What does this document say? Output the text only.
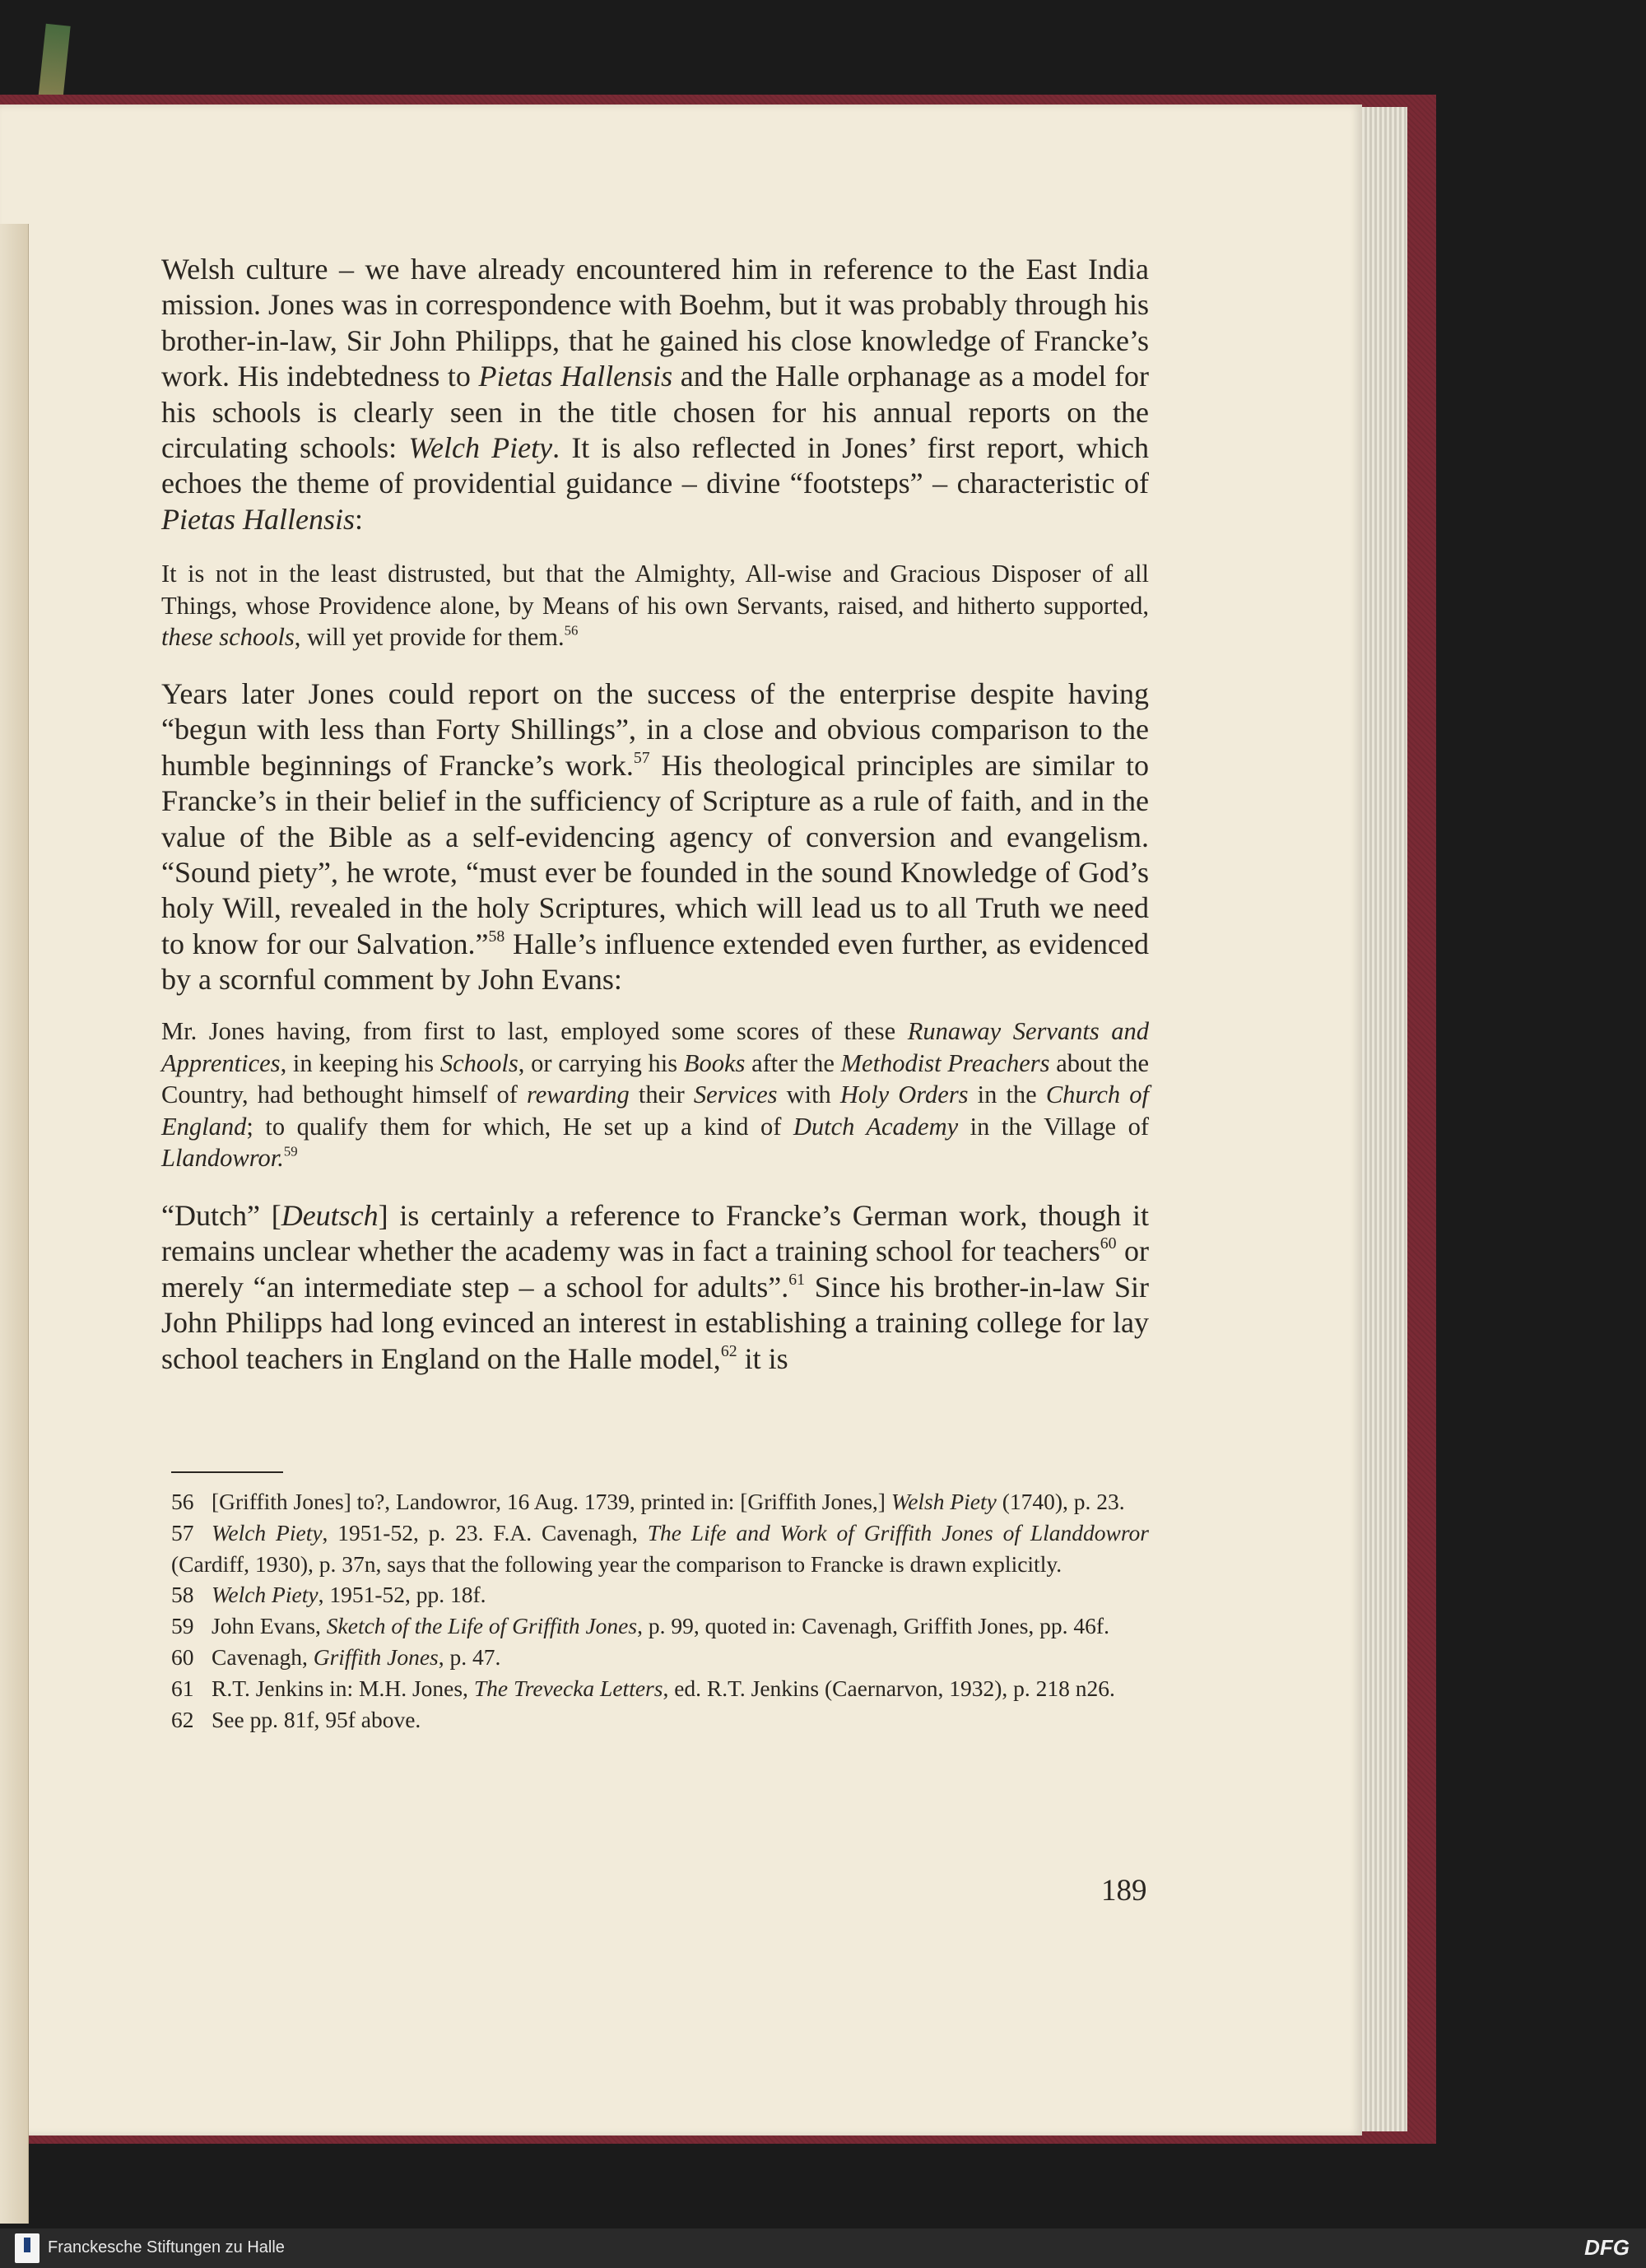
Welsh culture – we have already encountered him in reference to the East India mission. Jones was in correspondence with Boehm, but it was probably through his brother-in-law, Sir John Philipps, that he gained his close knowledge of Francke’s work. His indebtedness to Pietas Hallensis and the Halle orphanage as a model for his schools is clearly seen in the title chosen for his annual reports on the circulating schools: Welch Piety. It is also reflected in Jones’ first report, which echoes the theme of providential guidance – divine “footsteps” – characteristic of Pietas Hallensis:

It is not in the least distrusted, but that the Almighty, All-wise and Gracious Disposer of all Things, whose Providence alone, by Means of his own Servants, raised, and hitherto supported, these schools, will yet provide for them.$^{56}$

Years later Jones could report on the success of the enterprise despite having “begun with less than Forty Shillings”, in a close and obvious comparison to the humble beginnings of Francke’s work.$^{57}$ His theological principles are similar to Francke’s in their belief in the sufficiency of Scripture as a rule of faith, and in the value of the Bible as a self-evidencing agency of conversion and evangelism. “Sound piety”, he wrote, “must ever be founded in the sound Knowledge of God’s holy Will, revealed in the holy Scriptures, which will lead us to all Truth we need to know for our Salvation.”$^{58}$ Halle’s influence extended even further, as evidenced by a scornful comment by John Evans:

Mr. Jones having, from first to last, employed some scores of these Runaway Servants and Apprentices, in keeping his Schools, or carrying his Books after the Methodist Preachers about the Country, had bethought himself of rewarding their Services with Holy Orders in the Church of England; to qualify them for which, He set up a kind of Dutch Academy in the Village of Llandowror.$^{59}$

“Dutch” [Deutsch] is certainly a reference to Francke’s German work, though it remains unclear whether the academy was in fact a training school for teachers$^{60}$ or merely “an intermediate step – a school for adults”.$^{61}$ Since his brother-in-law Sir John Philipps had long evinced an interest in establishing a training college for lay school teachers in England on the Halle model,$^{62}$ it is

56 [Griffith Jones] to?, Landowror, 16 Aug. 1739, printed in: [Griffith Jones,] Welsh Piety (1740), p. 23.

57 Welch Piety, 1951-52, p. 23. F.A. Cavenagh, The Life and Work of Griffith Jones of Llanddowror (Cardiff, 1930), p. 37n, says that the following year the comparison to Francke is drawn explicitly.

58 Welch Piety, 1951-52, pp. 18f.

59 John Evans, Sketch of the Life of Griffith Jones, p. 99, quoted in: Cavenagh, Griffith Jones, pp. 46f.

60 Cavenagh, Griffith Jones, p. 47.

61 R.T. Jenkins in: M.H. Jones, The Trevecka Letters, ed. R.T. Jenkins (Caernarvon, 1932), p. 218 n26.

62 See pp. 81f, 95f above.

189
Franckesche Stiftungen zu Halle	DFG
